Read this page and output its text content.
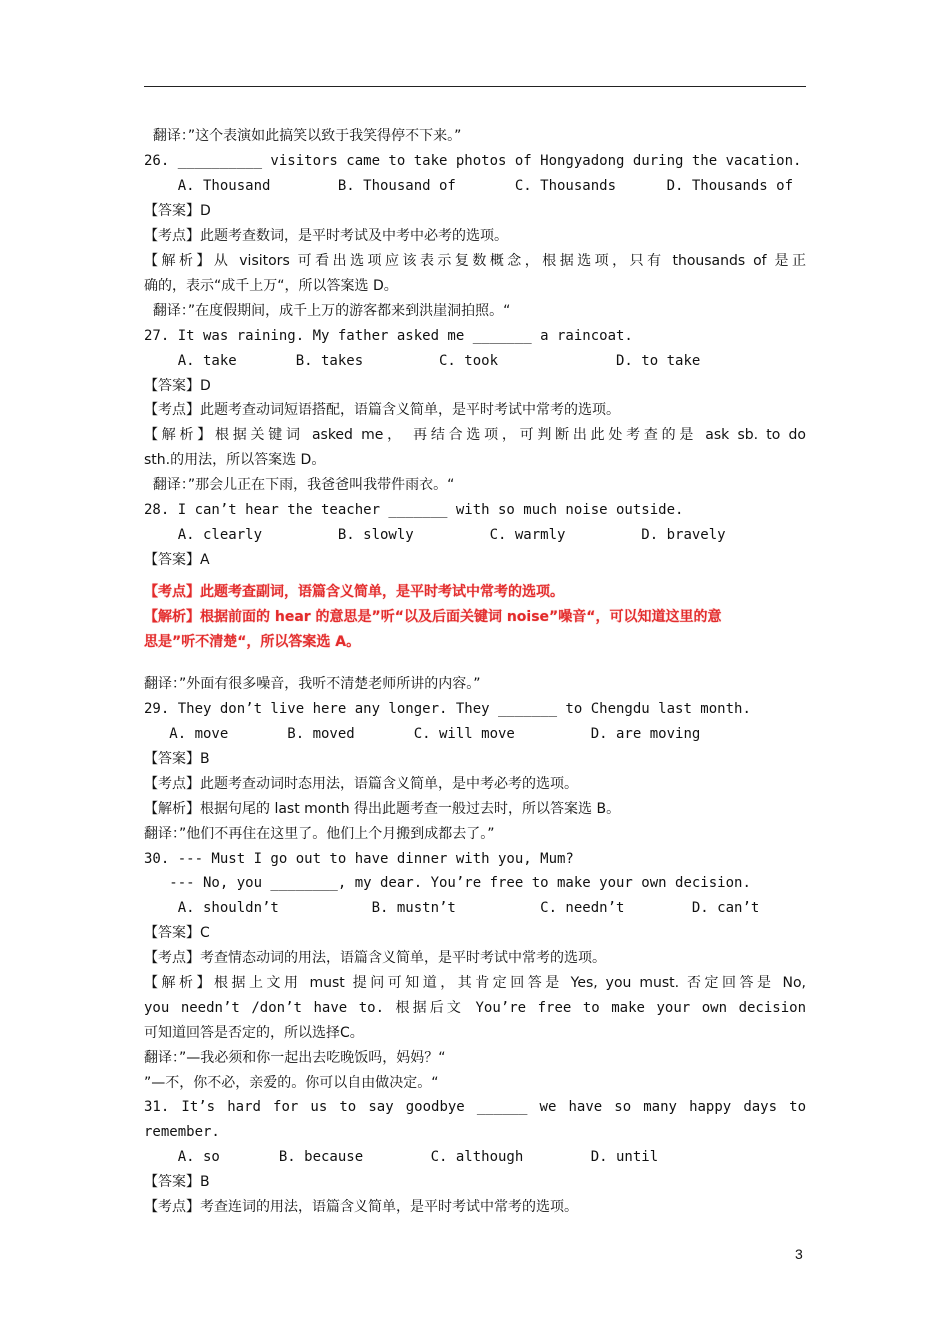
翻译：”这个表演如此搞笑以致于我笑得停不下来。”
26. __________ visitors came to take photos of Hongyadong during the vacation.
A. Thousand        B. Thousand of       C. Thousands      D. Thousands of
【答案】D
【考点】此题考查数词，是平时考试及中考中必考的选项。
【解析】从 visitors 可看出选项应该表示复数概念，根据选项，只有 thousands of 是正
确的，表示“成千上万“，所以答案选 D。
翻译：”在度假期间，成千上万的游客都来到洪崖洞拍照。“
27. It was raining. My father asked me _______ a raincoat.
A. take       B. takes         C. took              D. to take
【答案】D
【考点】此题考查动词短语搭配，语篇含义简单，是平时考试中常考的选项。
【解析】根据关键词 asked me， 再结合选项，可判断出此处考查的是 ask sb. to do
sth.的用法，所以答案选 D。
翻译：”那会儿正在下雨，我爸爸叫我带件雨衣。“
28. I can’t hear the teacher _______ with so much noise outside.
A. clearly         B. slowly         C. warmly         D. bravely
【答案】A
【考点】此题考查副词，语篇含义简单，是平时考试中常考的选项。
【解析】根据前面的 hear 的意思是”听“以及后面关键词 noise”噪音“，可以知道这里的意
思是”听不清楚“，所以答案选 A。
翻译：”外面有很多噪音，我听不清楚老师所讲的内容。”
29. They don’t live here any longer. They _______ to Chengdu last month.
A. move       B. moved       C. will move         D. are moving
【答案】B
【考点】此题考查动词时态用法，语篇含义简单，是中考必考的选项。
【解析】根据句尾的 last month 得出此题考查一般过去时，所以答案选 B。
翻译：”他们不再住在这里了。他们上个月搬到成都去了。”
30. --- Must I go out to have dinner with you, Mum?
--- No, you ________, my dear. You’re free to make your own decision.
A. shouldn’t           B. mustn’t          C. needn’t        D. can’t
【答案】C
【考点】考查情态动词的用法，语篇含义简单，是平时考试中常考的选项。
【解析】根据上文用 must 提问可知道，其肯定回答是 Yes, you must. 否定回答是 No,
you needn’t /don’t have to. 根据后文 You’re free to make your own decision
可知道回答是否定的，所以选择C。
翻译：”—我必须和你一起出去吃晚饭吗，妈妈？“
”—不，你不必，亲爱的。你可以自由做决定。“
31. It’s hard for us to say goodbye ______ we have so many happy days to
remember.
A. so       B. because        C. although        D. until
【答案】B
【考点】考查连词的用法，语篇含义简单，是平时考试中常考的选项。
3
